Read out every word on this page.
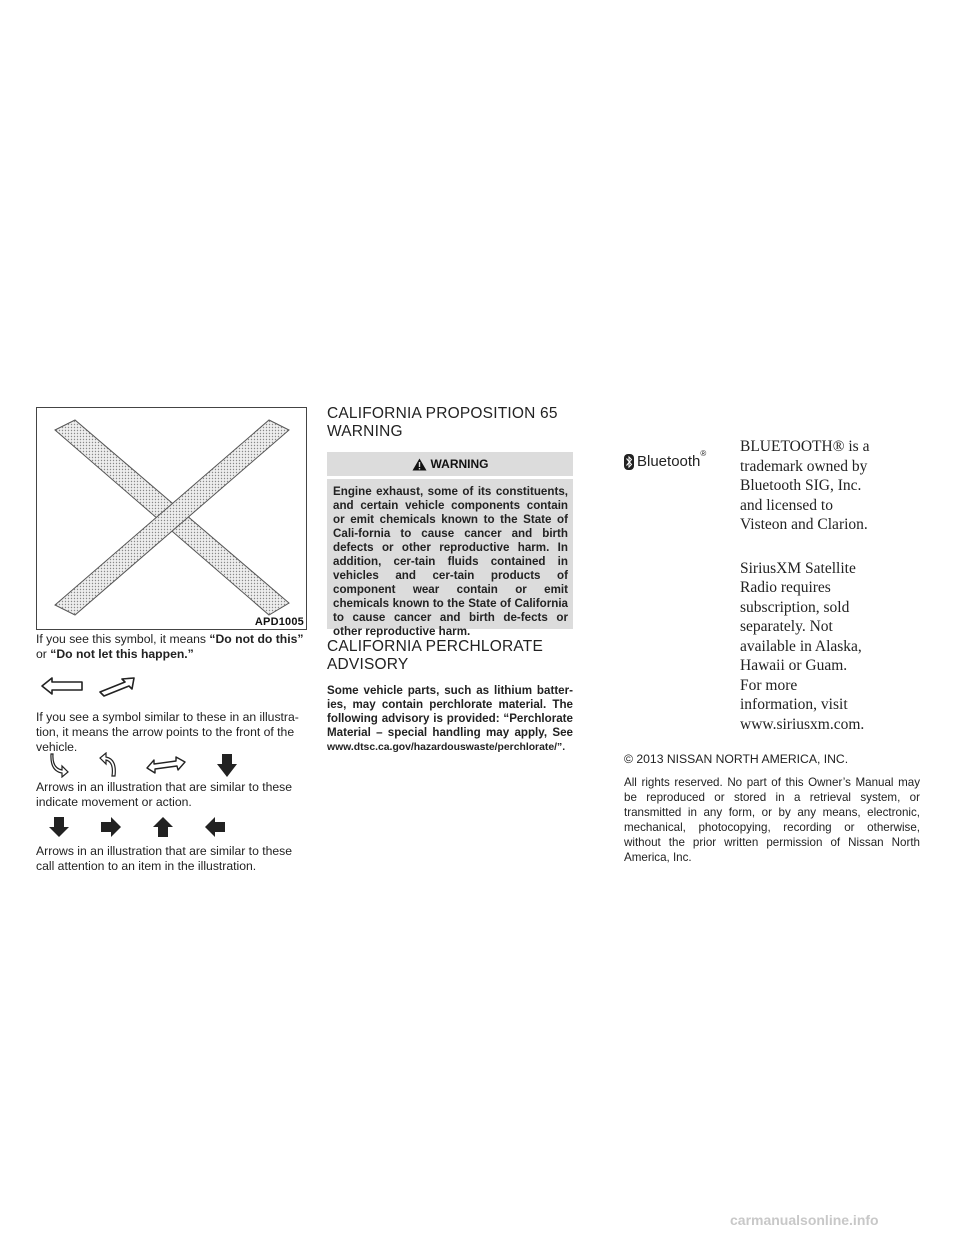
APD1005
If you see this symbol, it means “Do not do this”
or “Do not let this happen.”
If you see a symbol similar to these in an illustra-tion, it means the arrow points to the front of the vehicle.
Arrows in an illustration that are similar to these indicate movement or action.
Arrows in an illustration that are similar to these call attention to an item in the illustration.
CALIFORNIA PROPOSITION 65
WARNING
WARNING
Engine exhaust, some of its constituents, and certain vehicle components contain or emit chemicals known to the State of Cali-fornia to cause cancer and birth defects or other reproductive harm. In addition, cer-tain fluids contained in vehicles and cer-tain products of component wear contain or emit chemicals known to the State of California to cause cancer and birth de-fects or other reproductive harm.
CALIFORNIA PERCHLORATE
ADVISORY
Some vehicle parts, such as lithium batter-ies, may contain perchlorate material. The following advisory is provided: “Perchlorate Material – special handling may apply, See www.dtsc.ca.gov/hazardouswaste/perchlorate/”.
Bluetooth® BLUETOOTH® is a
trademark owned by
Bluetooth SIG, Inc.
and licensed to
Visteon and Clarion.
SiriusXM Satellite
Radio requires
subscription, sold
separately. Not
available in Alaska,
Hawaii or Guam.
For more
information, visit
www.siriusxm.com.
© 2013 NISSAN NORTH AMERICA, INC.
All rights reserved. No part of this Owner’s Manual may be reproduced or stored in a retrieval system, or transmitted in any form, or by any means, electronic, mechanical, photocopying, recording or otherwise, without the prior written permission of Nissan North America, Inc.
carmanualsonline.info
